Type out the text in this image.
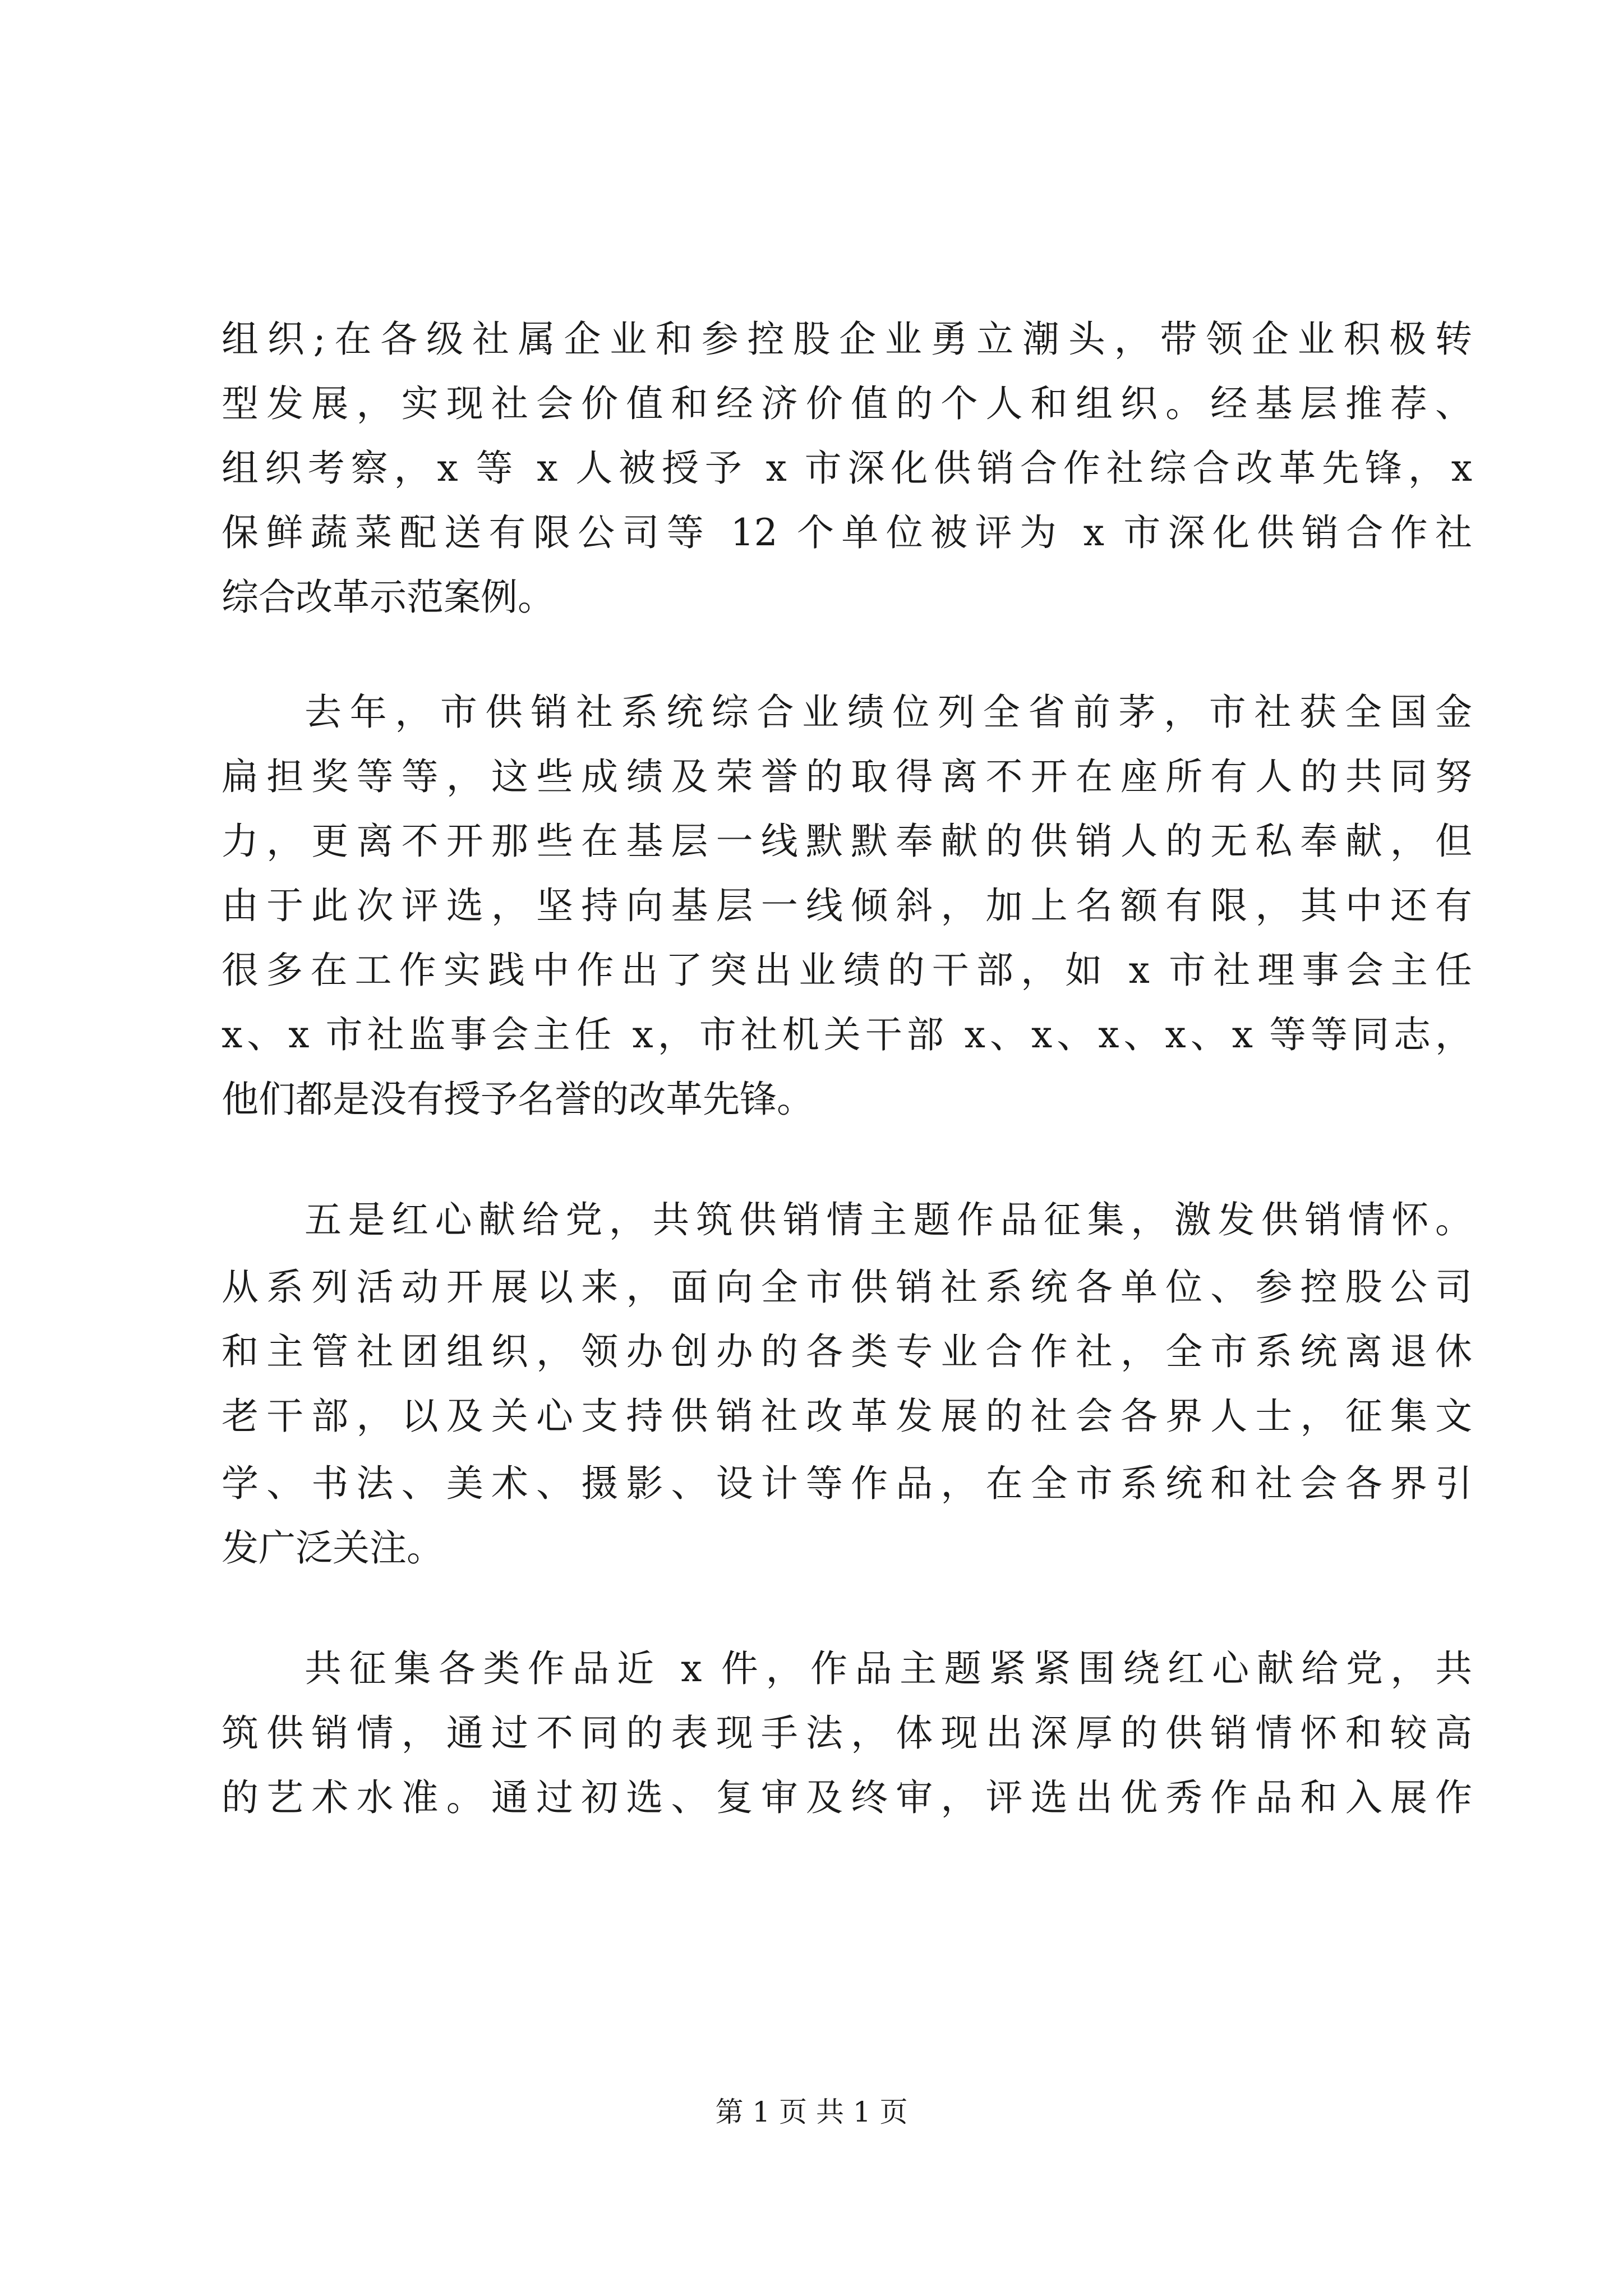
组织;在各级社属企业和参控股企业勇立潮头，带领企业积极转
型发展，实现社会价值和经济价值的个人和组织。经基层推荐、
组织考察，x 等 x 人被授予 x 市深化供销合作社综合改革先锋，x
保鲜蔬菜配送有限公司等 12 个单位被评为 x 市深化供销合作社
综合改革示范案例。
去年，市供销社系统综合业绩位列全省前茅，市社获全国金
扁担奖等等，这些成绩及荣誉的取得离不开在座所有人的共同努
力，更离不开那些在基层一线默默奉献的供销人的无私奉献，但
由于此次评选，坚持向基层一线倾斜，加上名额有限，其中还有
很多在工作实践中作出了突出业绩的干部，如 x 市社理事会主任
x、x 市社监事会主任 x，市社机关干部 x、x、x、x、x 等等同志，
他们都是没有授予名誉的改革先锋。
五是红心献给党，共筑供销情主题作品征集，激发供销情怀。
从系列活动开展以来，面向全市供销社系统各单位、参控股公司
和主管社团组织，领办创办的各类专业合作社，全市系统离退休
老干部，以及关心支持供销社改革发展的社会各界人士，征集文
学、书法、美术、摄影、设计等作品，在全市系统和社会各界引
发广泛关注。
共征集各类作品近 x 件，作品主题紧紧围绕红心献给党，共
筑供销情，通过不同的表现手法，体现出深厚的供销情怀和较高
的艺术水准。通过初选、复审及终审，评选出优秀作品和入展作
第 1 页 共 1 页
